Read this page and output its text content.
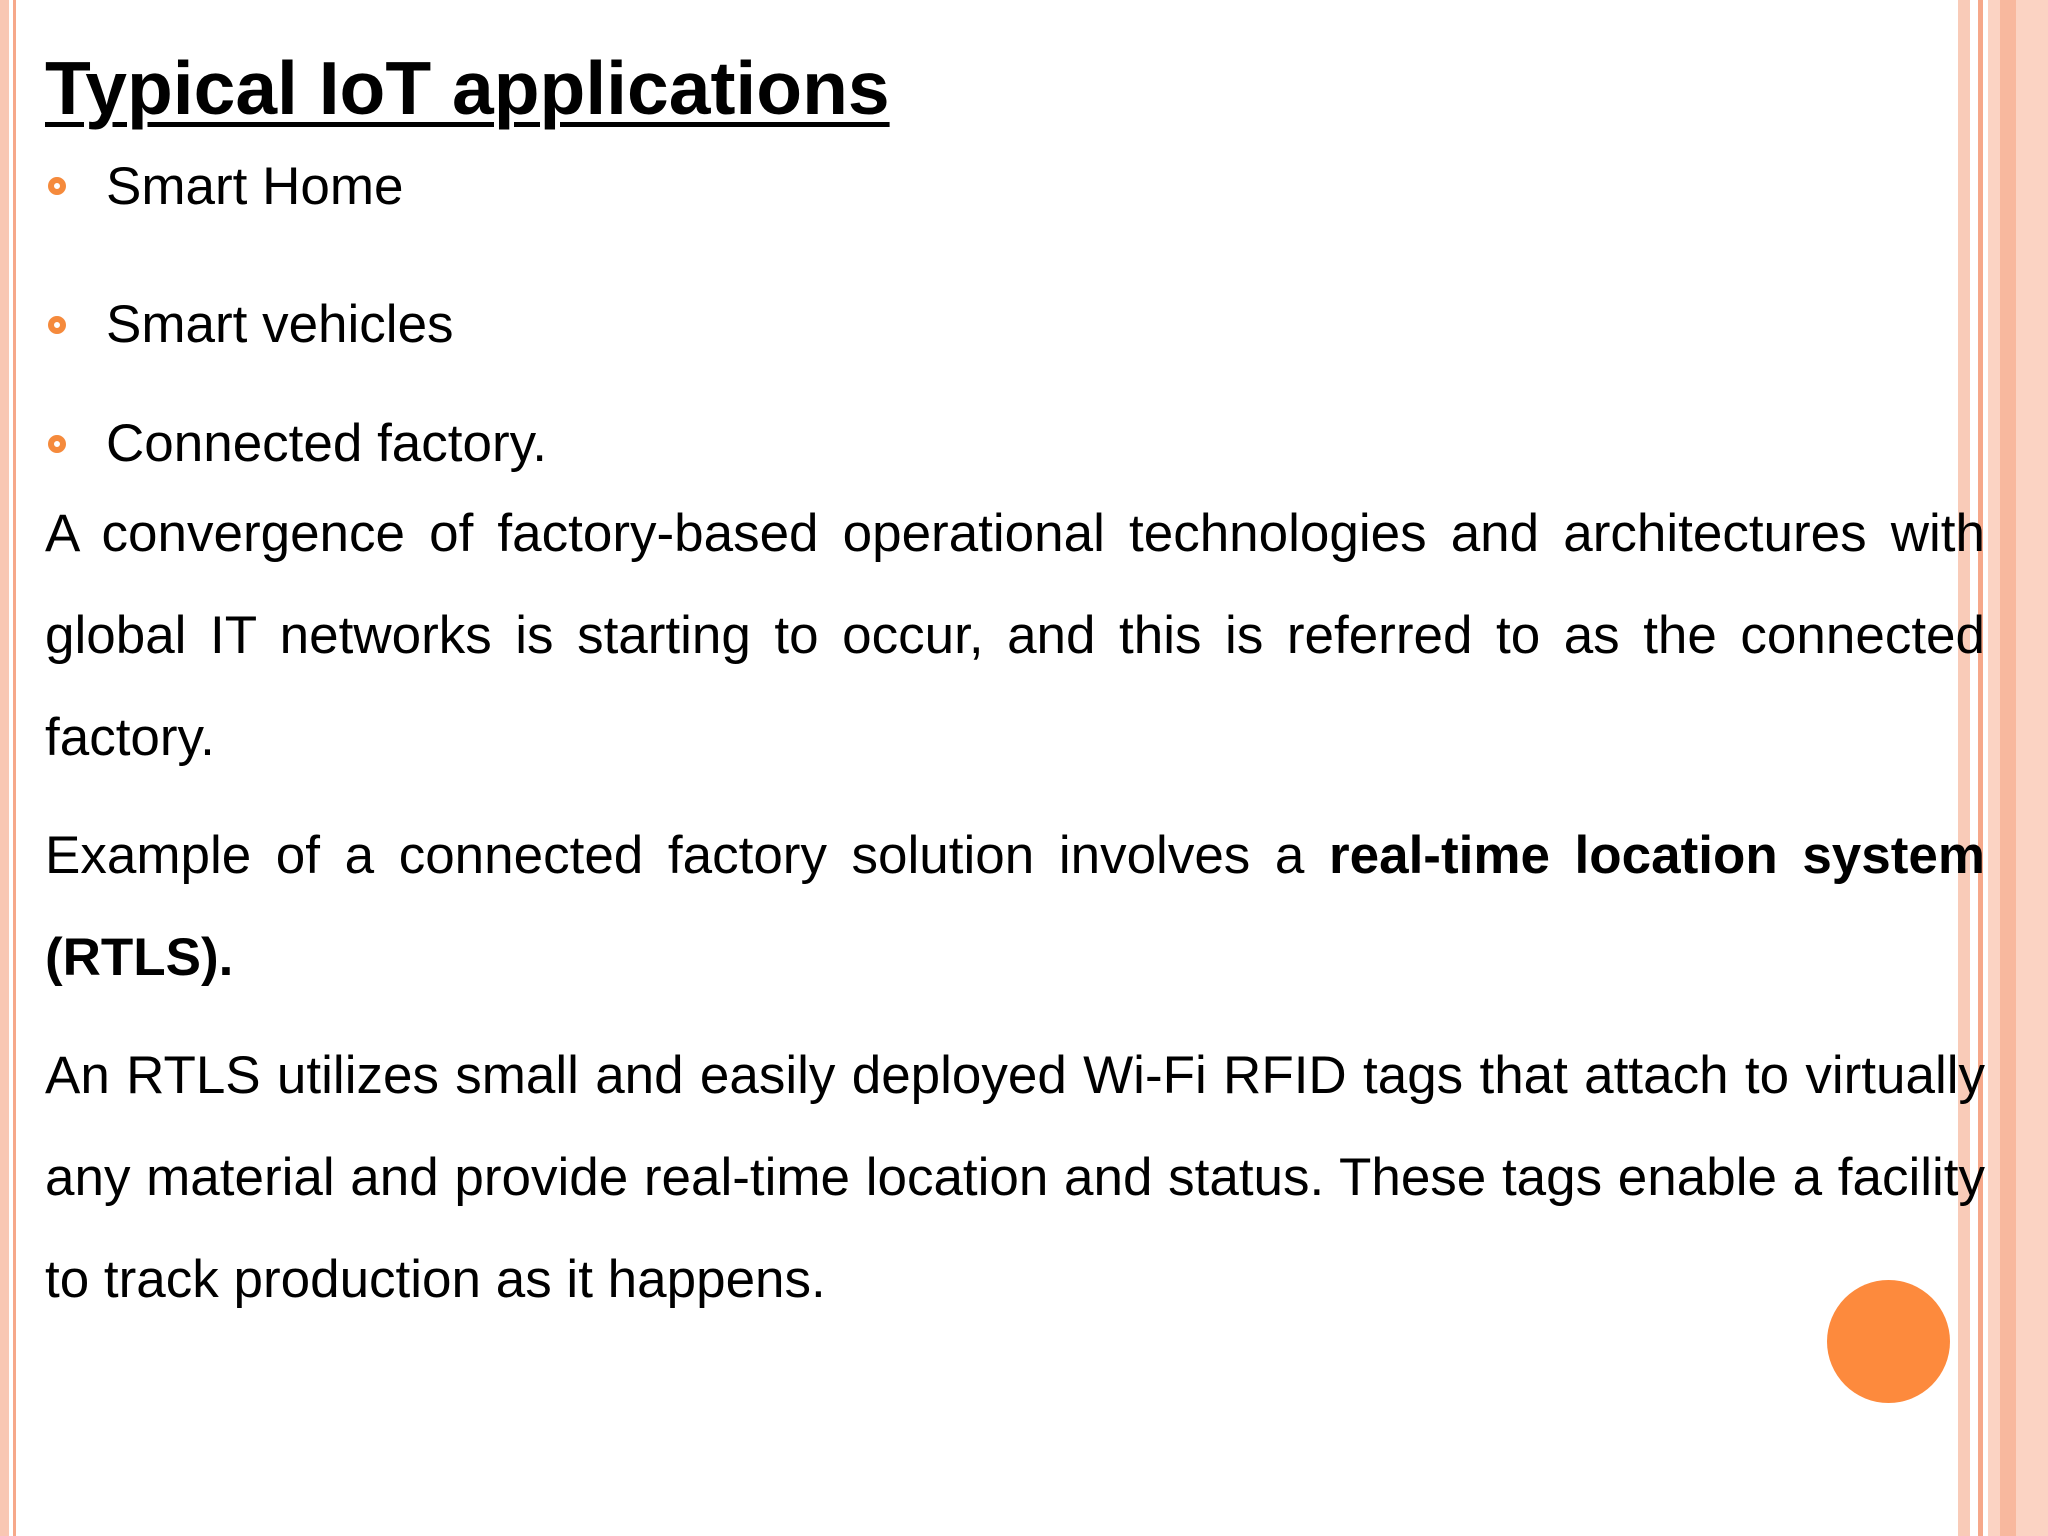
Typical IoT applications
Smart Home
Smart vehicles
Connected factory.

A convergence of factory-based operational technologies and architectures with global IT networks is starting to occur, and this is referred to as the connected factory.

Example of a connected factory solution involves a real-time location system (RTLS).

An RTLS utilizes small and easily deployed Wi-Fi RFID tags that attach to virtually any material and provide real-time location and status. These tags enable a facility to track production as it happens.
